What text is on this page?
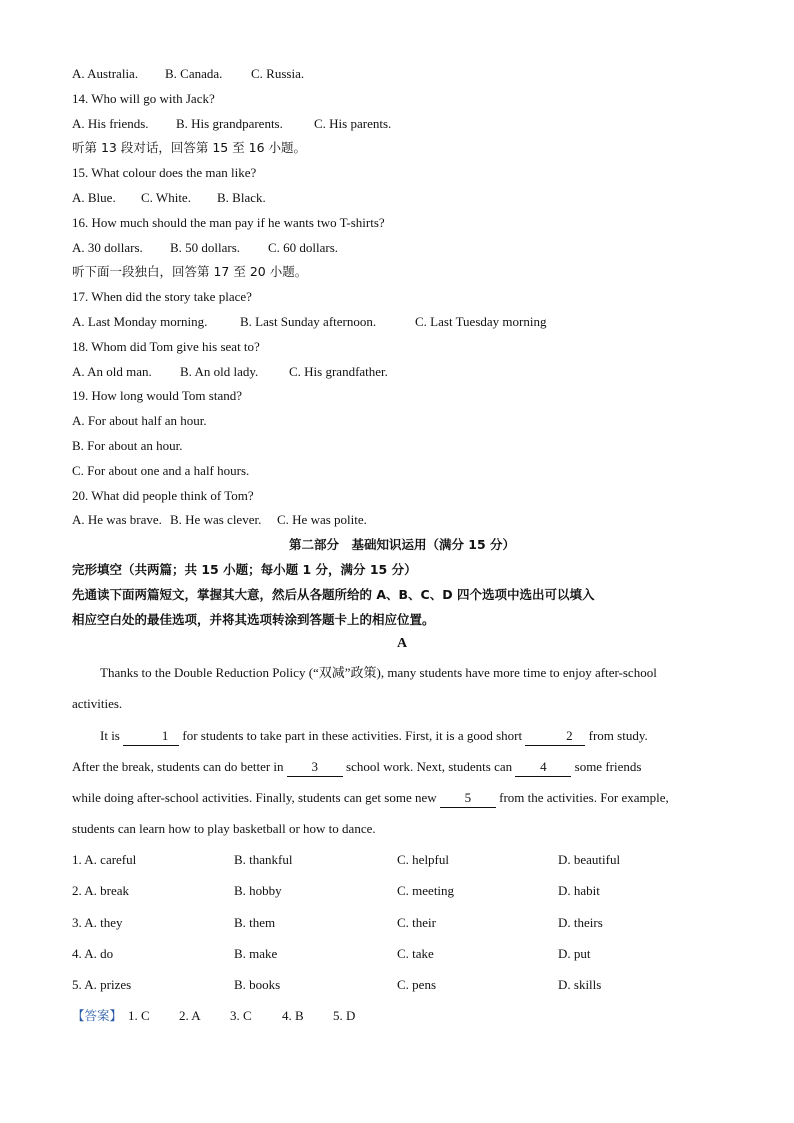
A. Australia. B. Canada. C. Russia.
14. Who will go with Jack?
A. His friends. B. His grandparents. C. His parents.
听第 13 段对话，回答第 15 至 16 小题。
15. What colour does the man like?
A. Blue. C. White. B. Black.
16. How much should the man pay if he wants two T-shirts?
A. 30 dollars. B. 50 dollars. C. 60 dollars.
听下面一段独白，回答第 17 至 20 小题。
17. When did the story take place?
A. Last Monday morning.	B. Last Sunday afternoon.	C. Last Tuesday morning
18. Whom did Tom give his seat to?
A. An old man. B. An old lady. C. His grandfather.
19. How long would Tom stand?
A. For about half an hour.
B. For about an hour.
C. For about one and a half hours.
20. What did people think of Tom?
A. He was brave. B. He was clever. C. He was polite.
第二部分　基础知识运用（满分 15 分）
完形填空（共两篇；共 15 小题；每小题 1 分，满分 15 分）
先通读下面两篇短文，掌握其大意，然后从各题所给的 A、B、C、D 四个选项中选出可以填入
相应空白处的最佳选项，并将其选项转涂到答题卡上的相应位置。
A
Thanks to the Double Reduction Policy (“双减”政策), many students have more time to enjoy after-school
activities.
It is	1 for students to take part in these activities. First, it is a good short	2 from study.
After the break, students can do better in 3 school work. Next, students can 4 some friends
while doing after-school activities. Finally, students can get some new 5 from the activities. For example,
students can learn how to play basketball or how to dance.
1. A. careful	B. thankful	C. helpful	D. beautiful
2. A. break	B. hobby	C. meeting	D. habit
3. A. they	B. them	C. their	D. theirs
4. A. do	B. make	C. take	D. put
5. A. prizes	B. books	C. pens	D. skills
【答案】 1. C 2. A 3. C 4. B 5. D
